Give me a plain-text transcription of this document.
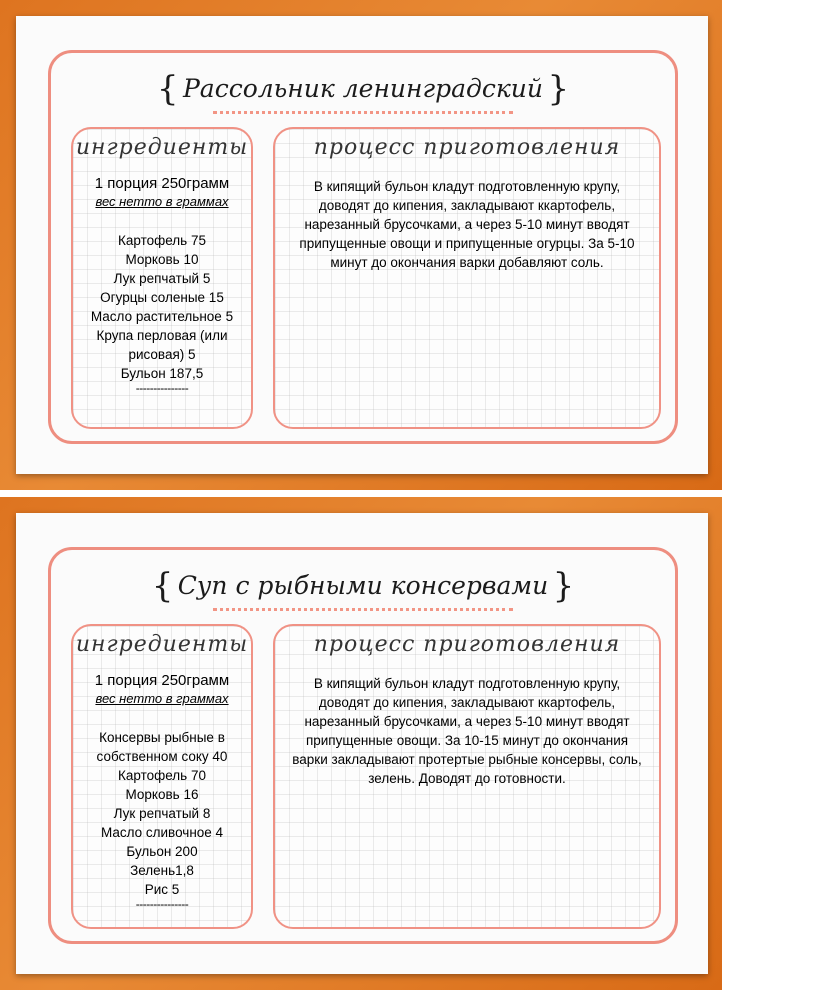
{ Рассольник ленинградский }
ингредиенты
1 порция 250грамм
вес нетто в граммах
Картофель 75
Морковь 10
Лук репчатый 5
Огурцы соленые 15
Масло растительное 5
Крупа перловая (или рисовая) 5
Бульон 187,5
---------------
процесс приготовления
В кипящий бульон кладут подготовленную крупу, доводят до кипения, закладывают ккартофель, нарезанный брусочками, а через 5-10 минут вводят припущенные овощи и припущенные огурцы. За 5-10 минут до окончания варки добавляют соль.
{ Суп с рыбными консервами }
ингредиенты
1 порция 250грамм
вес нетто в граммах
Консервы рыбные в собственном соку 40
Картофель 70
Морковь 16
Лук репчатый 8
Масло сливочное 4
Бульон 200
Зелень1,8
Рис 5
---------------
процесс приготовления
В кипящий бульон кладут подготовленную крупу, доводят до кипения, закладывают ккартофель, нарезанный брусочками, а через 5-10 минут вводят припущенные овощи. За 10-15 минут до окончания варки закладывают протертые рыбные консервы, соль, зелень. Доводят до готовности.
